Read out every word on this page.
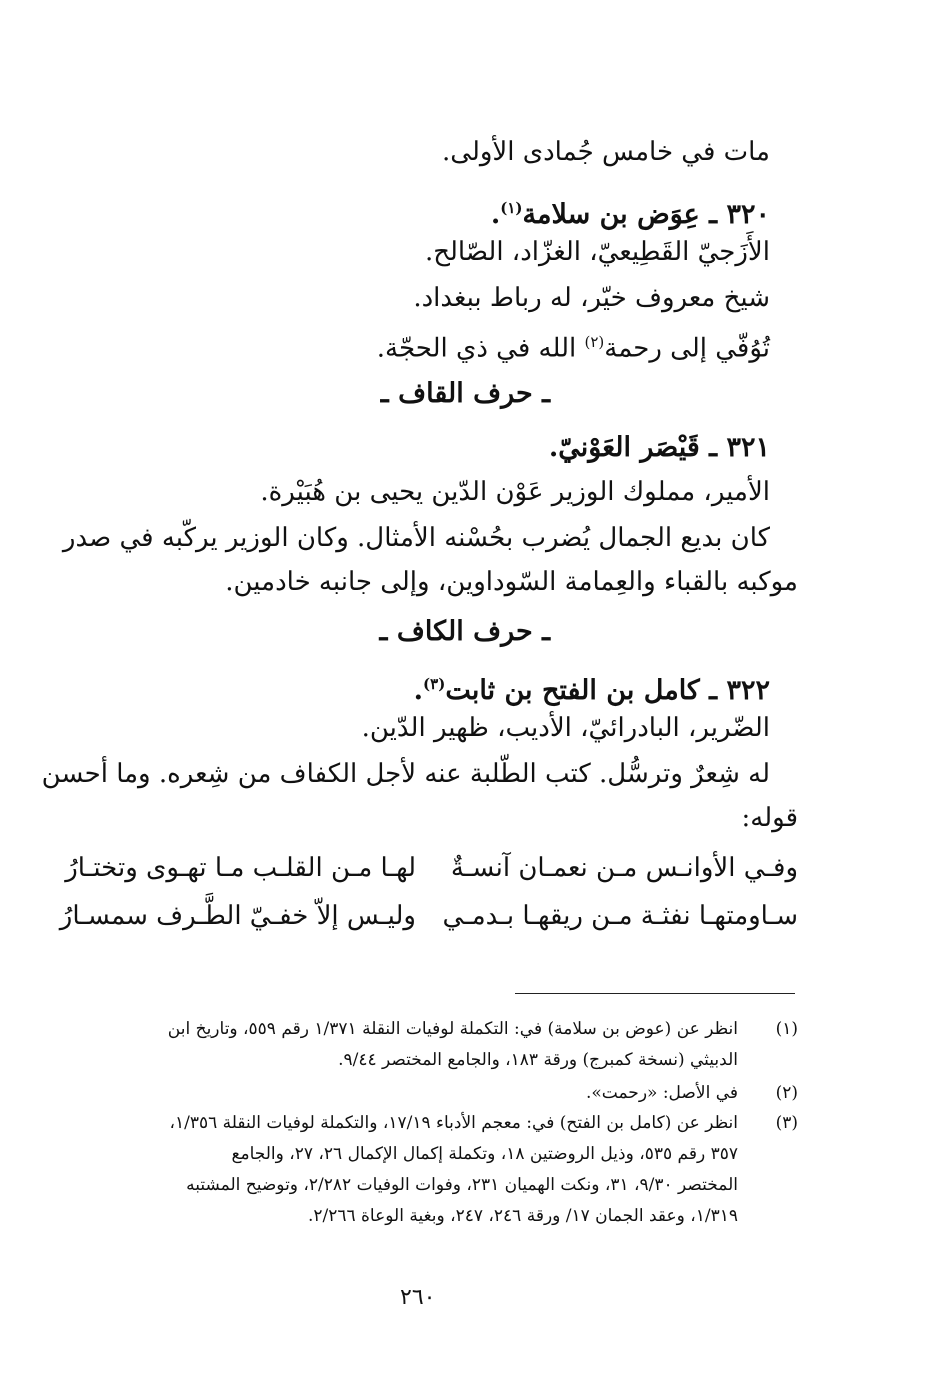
مات في خامس جُمادى الأولى.
٣٢٠ ـ عِوَض بن سلامة$^{(١)}$.
الأَزَجيّ القَطِيعيّ، الغزّاد، الصّالح.
شيخ معروف خيّر، له رباط ببغداد.
تُوُفّي إلى رحمة$^{(٢)}$ الله في ذي الحجّة.
ـ حرف القاف ـ
٣٢١ ـ قَيْصَر العَوْنيّ.
الأمير، مملوك الوزير عَوْن الدّين يحيى بن هُبَيْرة.
كان بديع الجمال يُضرب بحُسْنه الأمثال. وكان الوزير يركّبه في صدر
موكبه بالقباء والعِمامة السّوداوين، وإلى جانبه خادمين.
ـ حرف الكاف ـ
٣٢٢ ـ كامل بن الفتح بن ثابت$^{(٣)}$.
الضّرير، البادرائيّ، الأديب، ظهير الدّين.
له شِعرٌ وترسُّل. كتب الطّلبة عنه لأجل الكفاف من شِعره. وما أحسن
قوله:
وفـي الأوانـس مـن نعمـان آنسـةٌ
لهـا مـن القلـب مـا تهـوى وتختـارُ
سـاومتهـا نفثـة مـن ريقهـا بـدمـي
وليـس إلاّ خفـيّ الطَّـرف سمسـارُ
(١)
انظر عن (عوض بن سلامة) في: التكملة لوفيات النقلة ١/٣٧١ رقم ٥٥٩، وتاريخ ابن
الدبيثي (نسخة كمبرج) ورقة ١٨٣، والجامع المختصر ٩/٤٤.
(٢)
في الأصل: «رحمت».
(٣)
انظر عن (كامل بن الفتح) في: معجم الأدباء ١٧/١٩، والتكملة لوفيات النقلة ١/٣٥٦،
٣٥٧ رقم ٥٣٥، وذيل الروضتين ١٨، وتكملة إكمال الإكمال ٢٦، ٢٧، والجامع
المختصر ٩/٣٠، ٣١، ونكت الهميان ٢٣١، وفوات الوفيات ٢/٢٨٢، وتوضيح المشتبه
١/٣١٩، وعقد الجمان ١٧/ ورقة ٢٤٦، ٢٤٧، وبغية الوعاة ٢/٢٦٦.
٢٦٠
